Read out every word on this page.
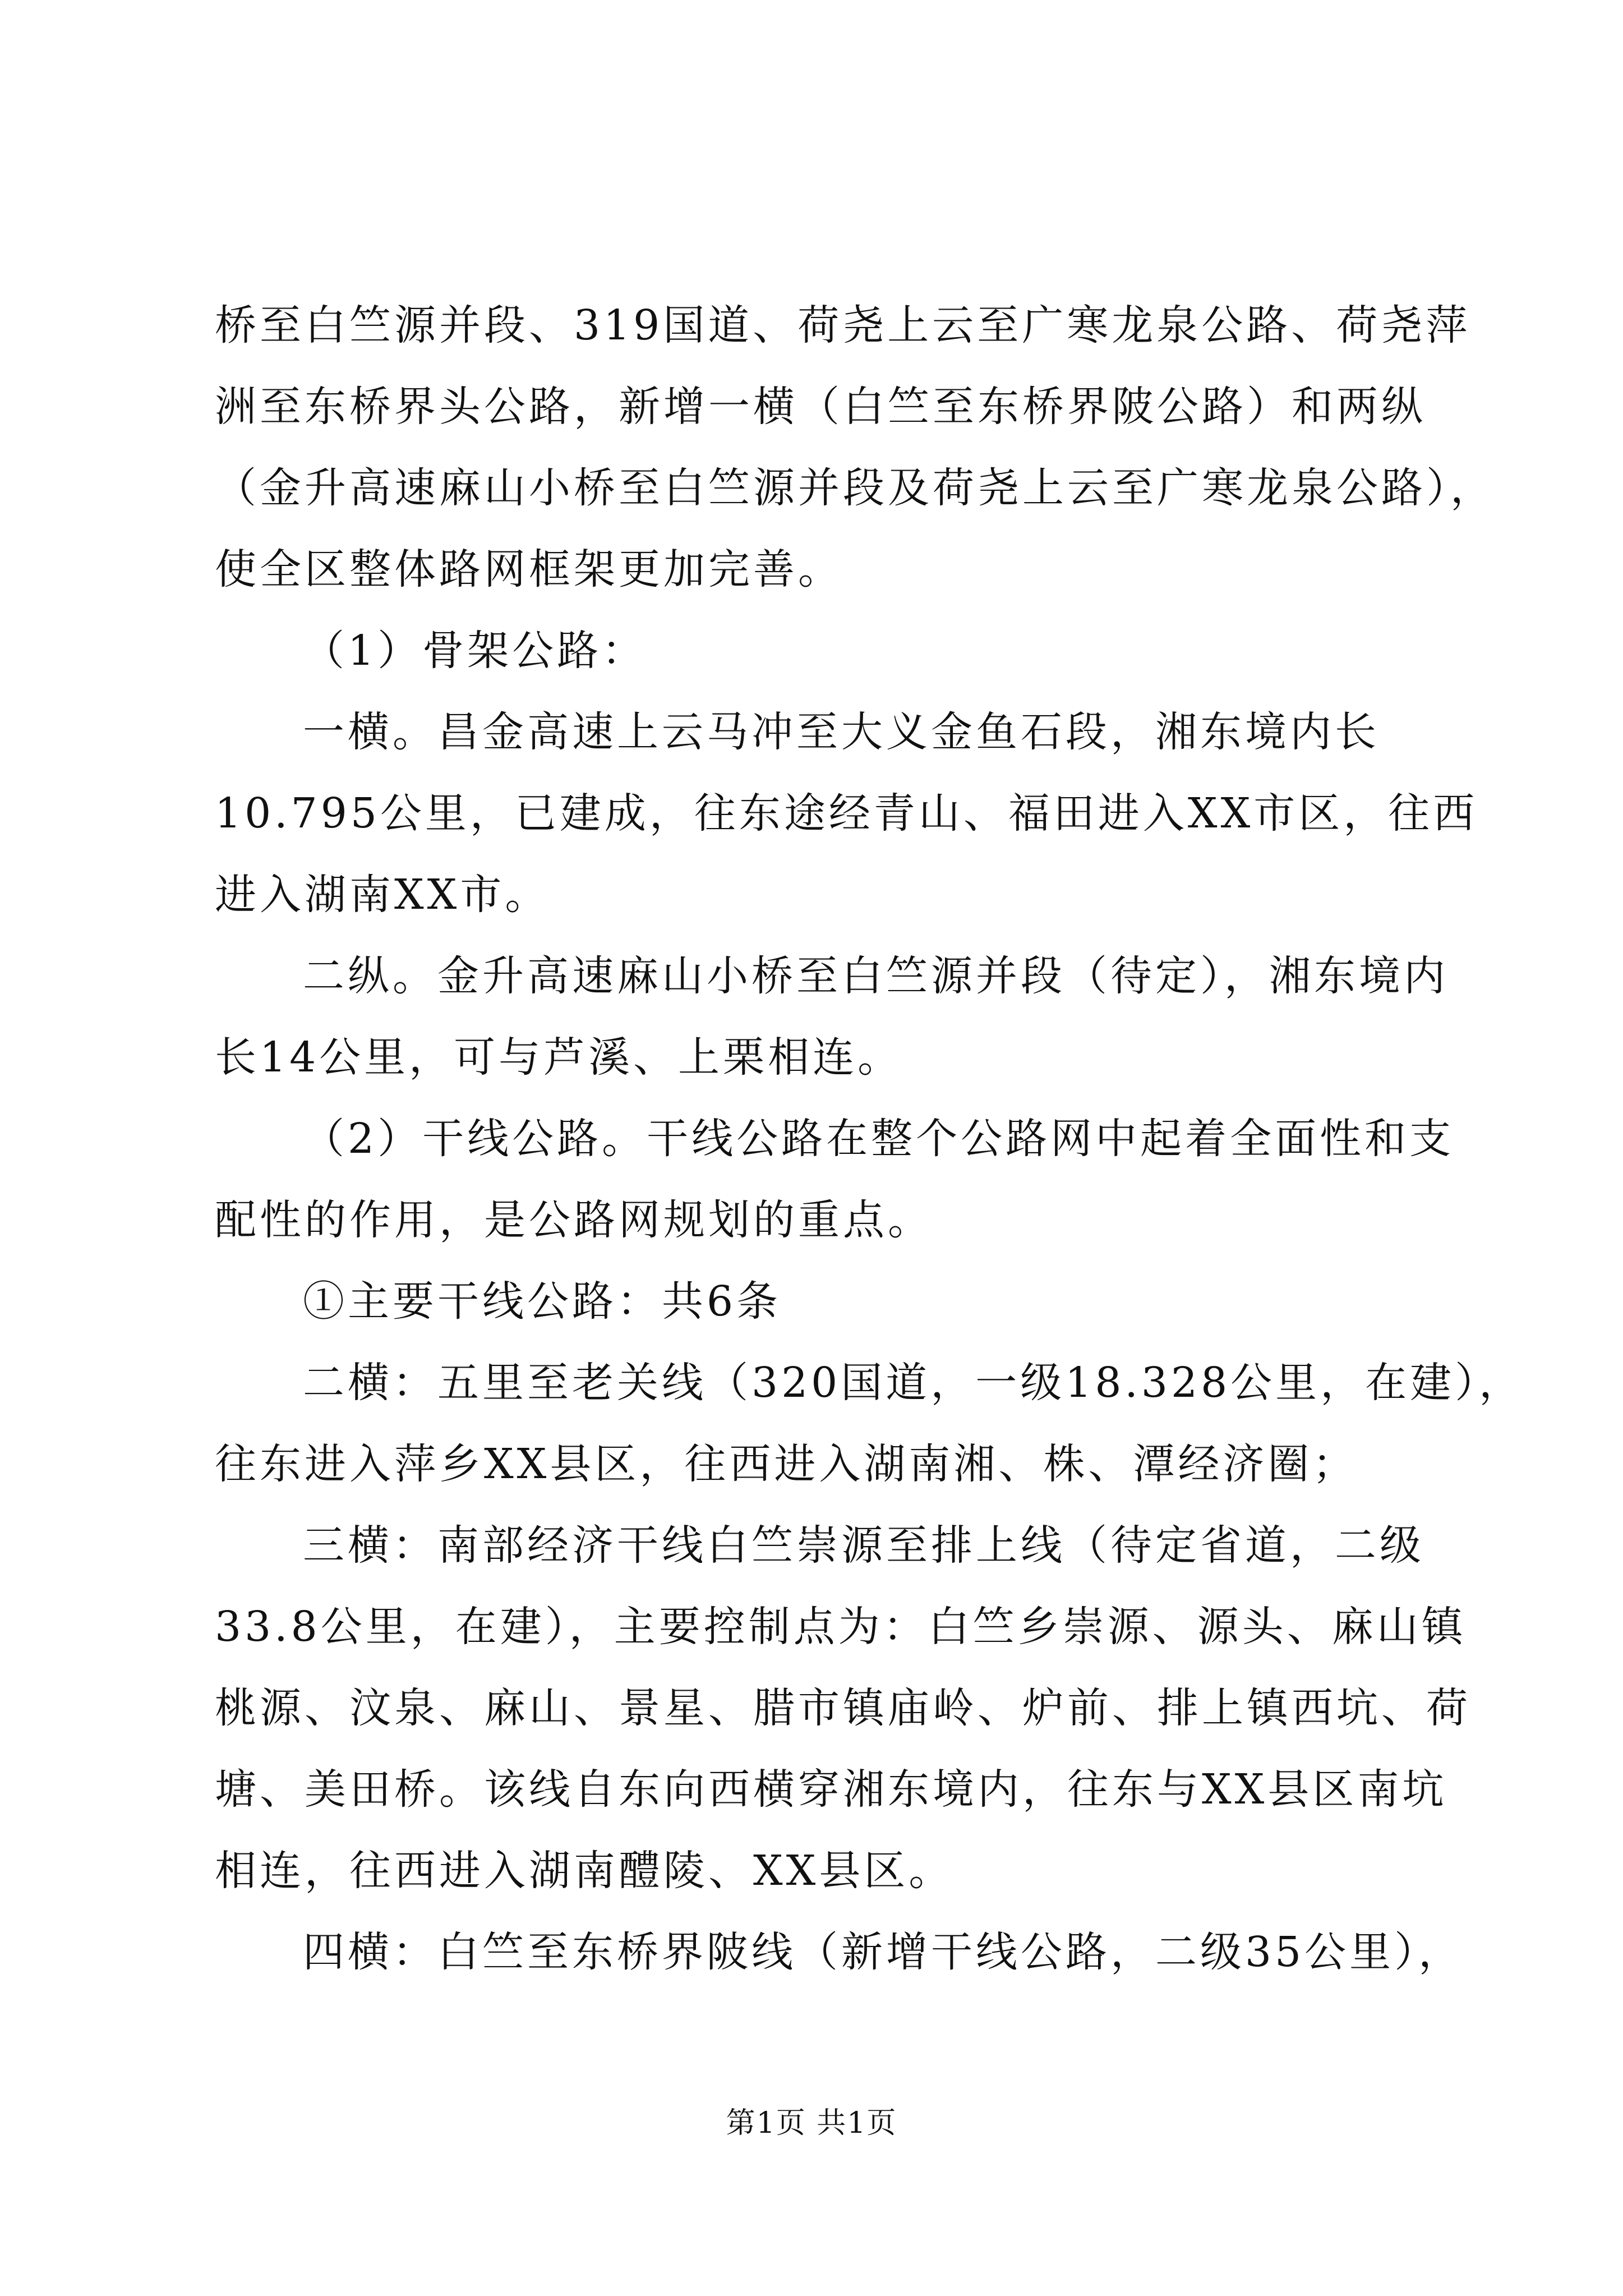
桥至白竺源并段、319国道、荷尧上云至广寒龙泉公路、荷尧萍
洲至东桥界头公路，新增一横（白竺至东桥界陂公路）和两纵
（金升高速麻山小桥至白竺源并段及荷尧上云至广寒龙泉公路），
使全区整体路网框架更加完善。
（1）骨架公路：
一横。昌金高速上云马冲至大义金鱼石段，湘东境内长
10.795公里，已建成，往东途经青山、福田进入XX市区，往西
进入湖南XX市。
二纵。金升高速麻山小桥至白竺源并段（待定），湘东境内
长14公里，可与芦溪、上栗相连。
（2）干线公路。干线公路在整个公路网中起着全面性和支
配性的作用，是公路网规划的重点。
①主要干线公路：共6条
二横：五里至老关线（320国道，一级18.328公里，在建），
往东进入萍乡XX县区，往西进入湖南湘、株、潭经济圈；
三横：南部经济干线白竺崇源至排上线（待定省道，二级
33.8公里，在建），主要控制点为：白竺乡崇源、源头、麻山镇
桃源、汶泉、麻山、景星、腊市镇庙岭、炉前、排上镇西坑、荷
塘、美田桥。该线自东向西横穿湘东境内，往东与XX县区南坑
相连，往西进入湖南醴陵、XX县区。
四横：白竺至东桥界陂线（新增干线公路，二级35公里），
第1页 共1页
